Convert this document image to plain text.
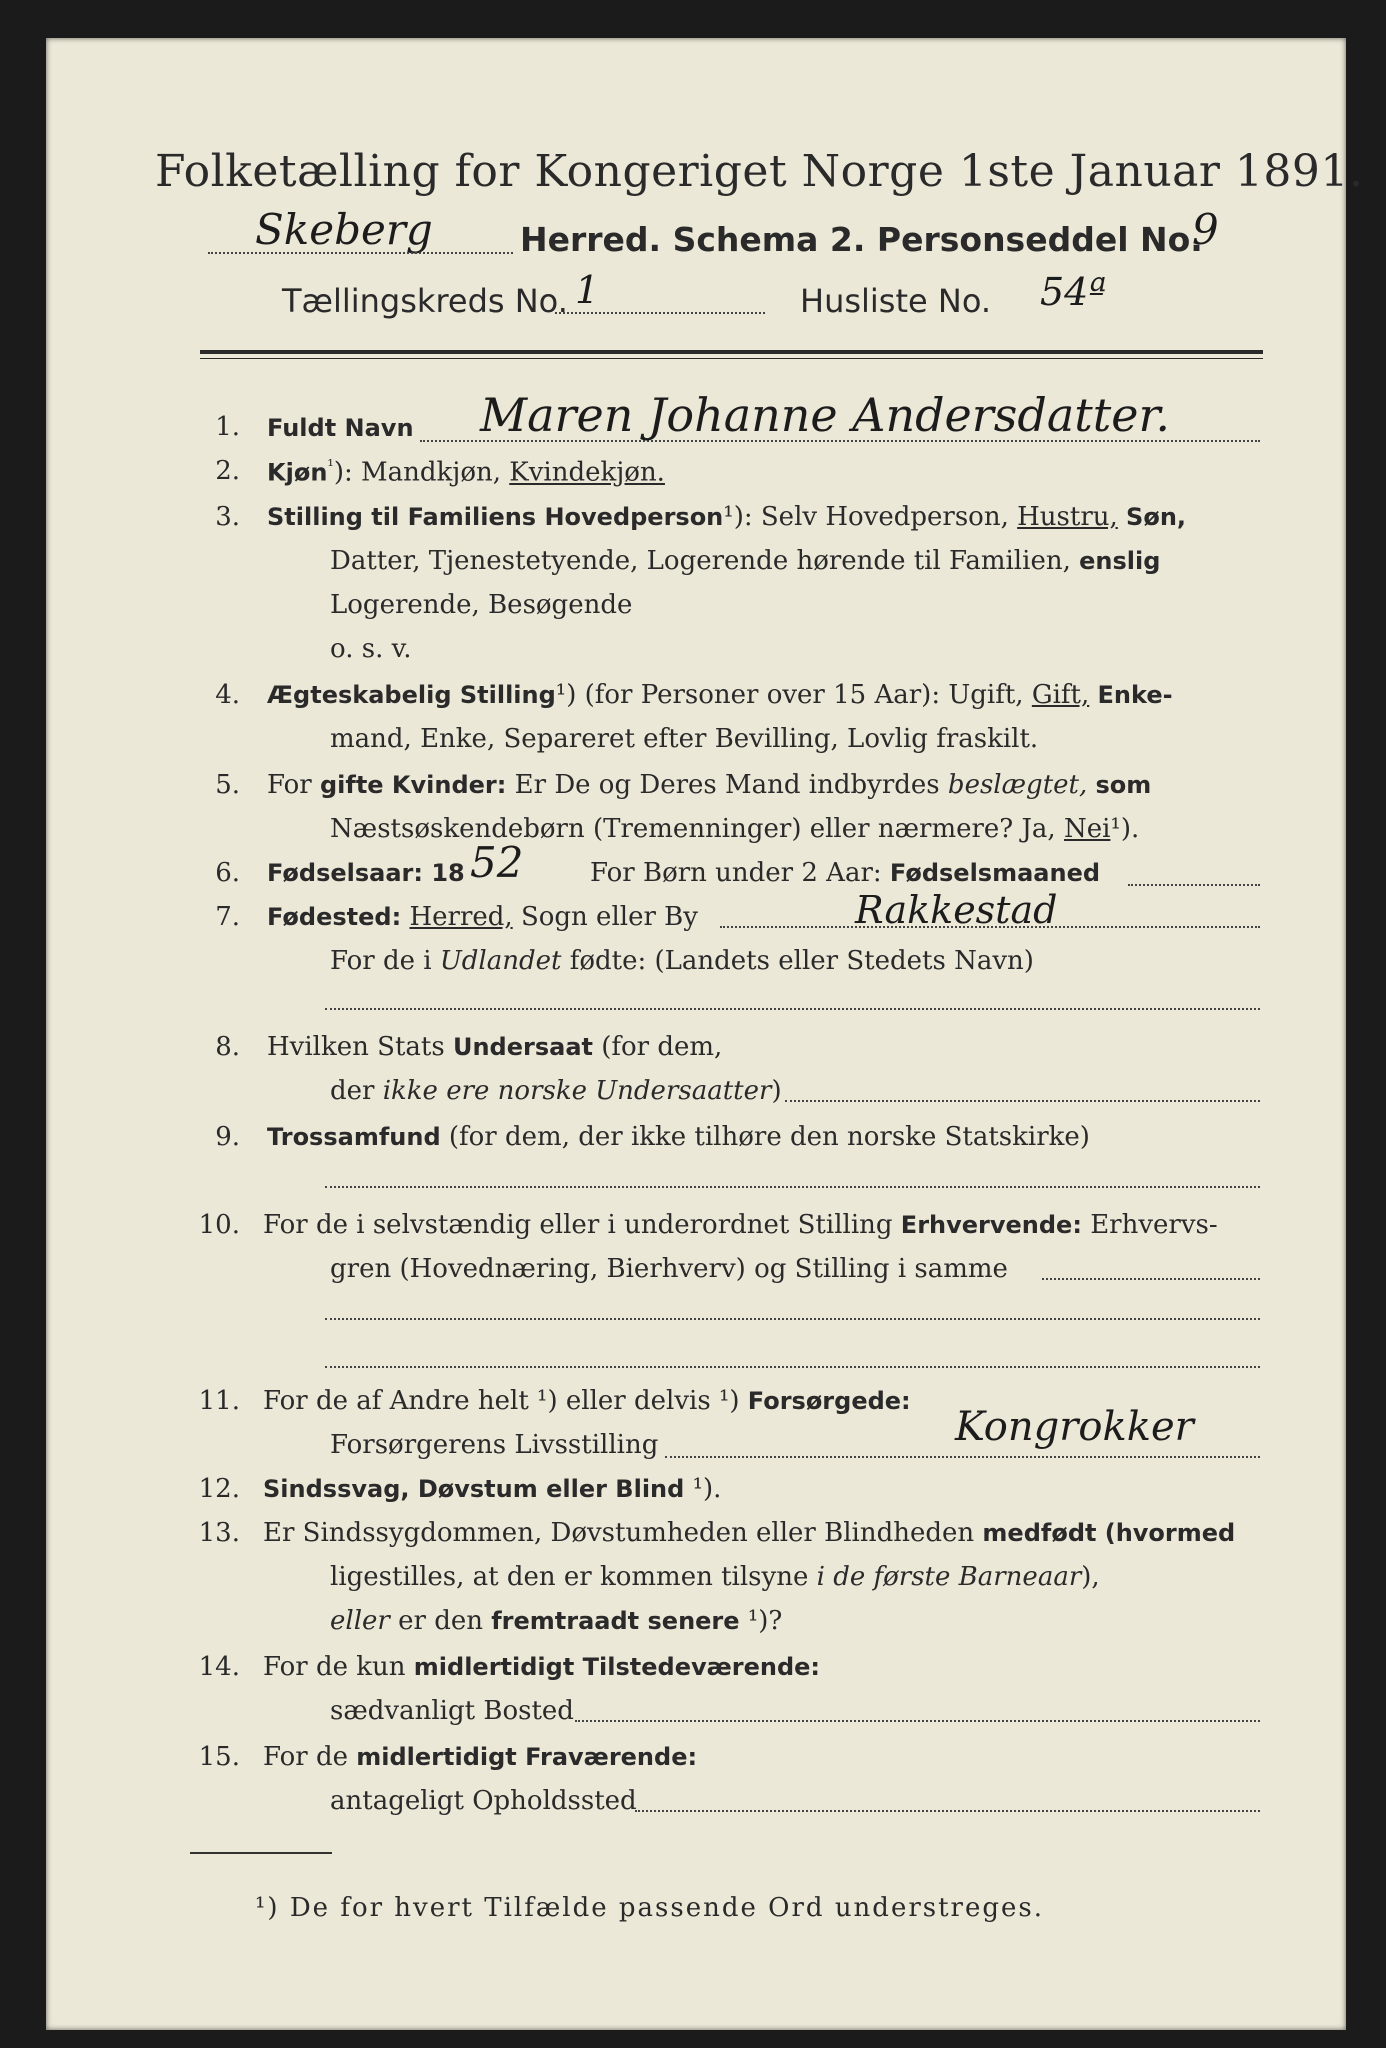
Folketælling for Kongeriget Norge 1ste Januar 1891.
Skeberg	Herred. Schema 2. Personseddel No.
9
Tællingskreds No. 1	Husliste No. 54ª
1. Fuldt Navn Maren Johanne Andersdatter.
2. Kjøn$^{^1}$): Mandkjøn, Kvindekjøn.
3. Stilling til Familiens Hovedperson¹): Selv Hovedperson, Hustru, Søn,
Datter, Tjenestetyende, Logerende hørende til Familien, enslig
Logerende, Besøgende
o. s. v.
4. Ægteskabelig Stilling¹) (for Personer over 15 Aar): Ugift, Gift, Enke-
mand, Enke, Separeret efter Bevilling, Lovlig fraskilt.
5. For gifte Kvinder: Er De og Deres Mand indbyrdes beslægtet, som
Næstsøskendebørn (Tremenninger) eller nærmere? Ja, Nei¹).
6. Fødselsaar: 18 52	For Børn under 2 Aar: Fødselsmaaned
7. Fødested: Herred, Sogn eller By	Rakkestad
For de i Udlandet fødte: (Landets eller Stedets Navn)
8. Hvilken Stats Undersaat (for dem,
der ikke ere norske Undersaatter)
9. Trossamfund (for dem, der ikke tilhøre den norske Statskirke)
10. For de i selvstændig eller i underordnet Stilling Erhvervende: Erhvervs-
gren (Hovednæring, Bierhverv) og Stilling i samme
11. For de af Andre helt ¹) eller delvis ¹) Forsørgede:
Forsørgerens Livsstilling	Kongrokker
12. Sindssvag, Døvstum eller Blind ¹).
13. Er Sindssygdommen, Døvstumheden eller Blindheden medfødt (hvormed
ligestilles, at den er kommen tilsyne i de første Barneaar),
eller er den fremtraadt senere ¹)?
14. For de kun midlertidigt Tilstedeværende:
sædvanligt Bosted
15. For de midlertidigt Fraværende:
antageligt Opholdssted
¹) De for hvert Tilfælde passende Ord understreges.
